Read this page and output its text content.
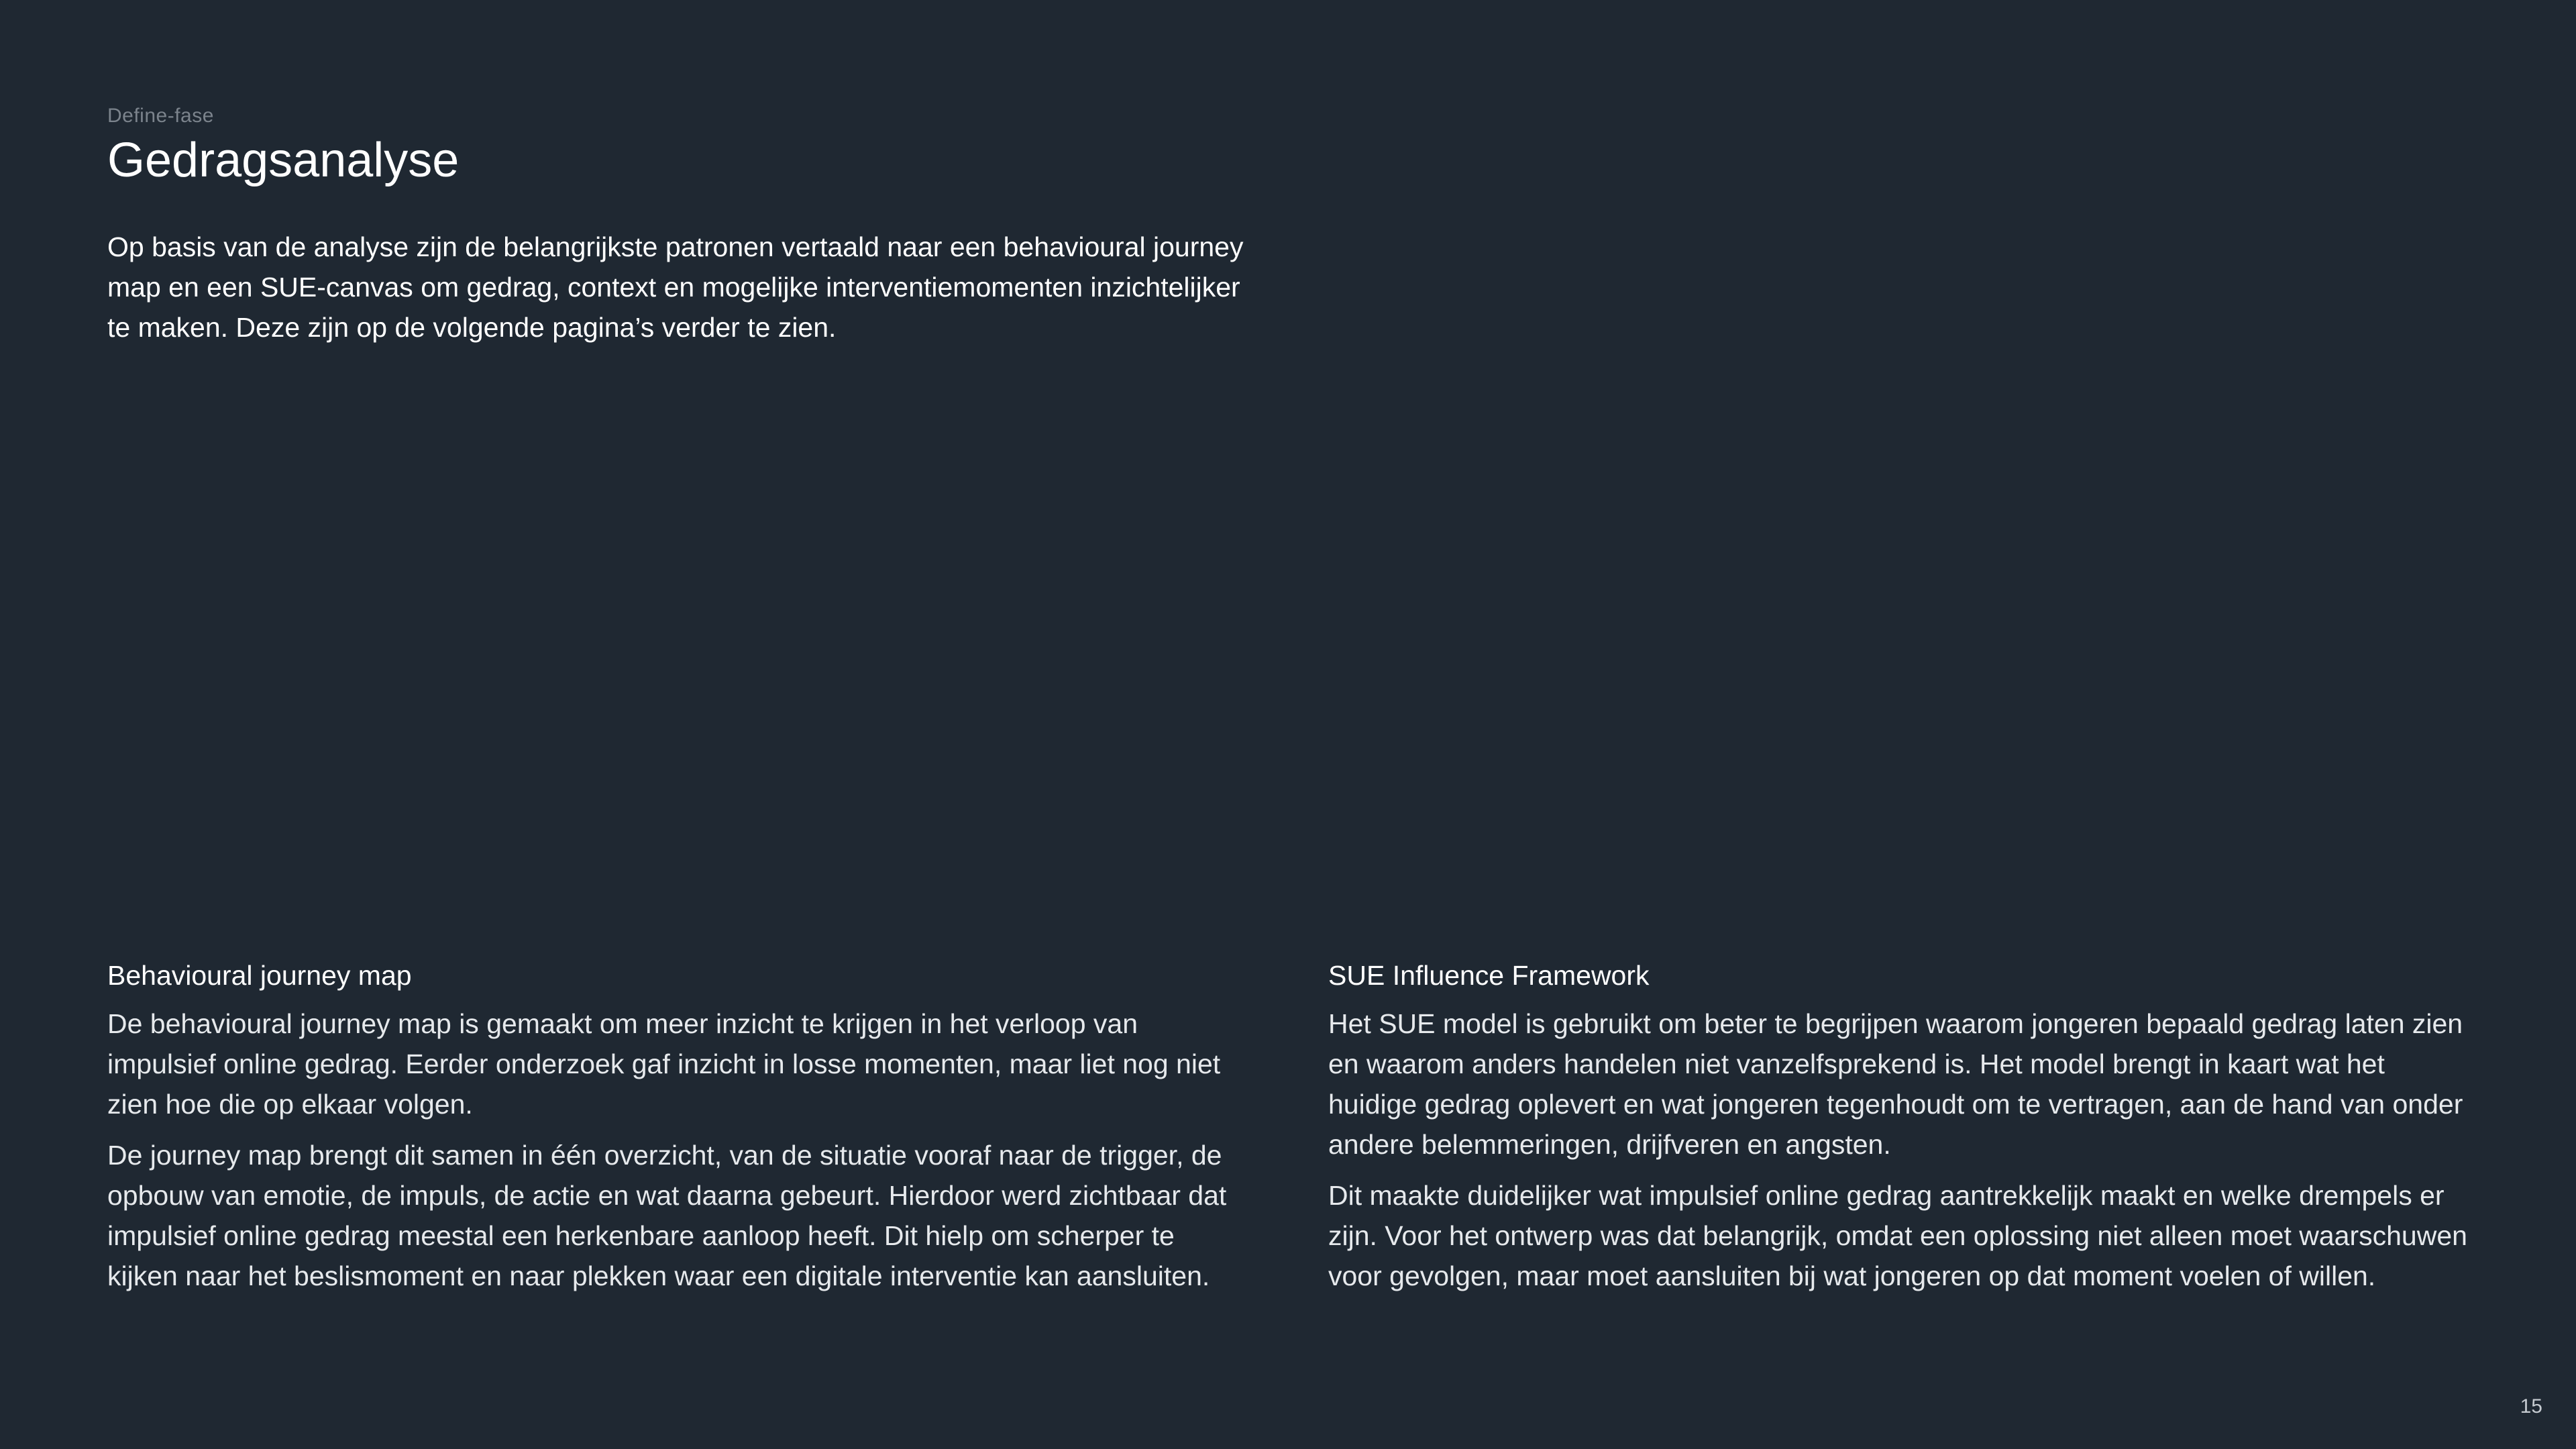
Define-fase
Gedragsanalyse

Op basis van de analyse zijn de belangrijkste patronen vertaald naar een behavioural journey map en een SUE-canvas om gedrag, context en mogelijke interventiemomenten inzichtelijker te maken. Deze zijn op de volgende pagina’s verder te zien.

Behavioural journey map

De behavioural journey map is gemaakt om meer inzicht te krijgen in het verloop van impulsief online gedrag. Eerder onderzoek gaf inzicht in losse momenten, maar liet nog niet zien hoe die op elkaar volgen.

De journey map brengt dit samen in één overzicht, van de situatie vooraf naar de trigger, de opbouw van emotie, de impuls, de actie en wat daarna gebeurt. Hierdoor werd zichtbaar dat impulsief online gedrag meestal een herkenbare aanloop heeft. Dit hielp om scherper te kijken naar het beslismoment en naar plekken waar een digitale interventie kan aansluiten.

SUE Influence Framework

Het SUE model is gebruikt om beter te begrijpen waarom jongeren bepaald gedrag laten zien en waarom anders handelen niet vanzelfsprekend is. Het model brengt in kaart wat het huidige gedrag oplevert en wat jongeren tegenhoudt om te vertragen, aan de hand van onder andere belemmeringen, drijfveren en angsten.

Dit maakte duidelijker wat impulsief online gedrag aantrekkelijk maakt en welke drempels er zijn. Voor het ontwerp was dat belangrijk, omdat een oplossing niet alleen moet waarschuwen voor gevolgen, maar moet aansluiten bij wat jongeren op dat moment voelen of willen.

15
